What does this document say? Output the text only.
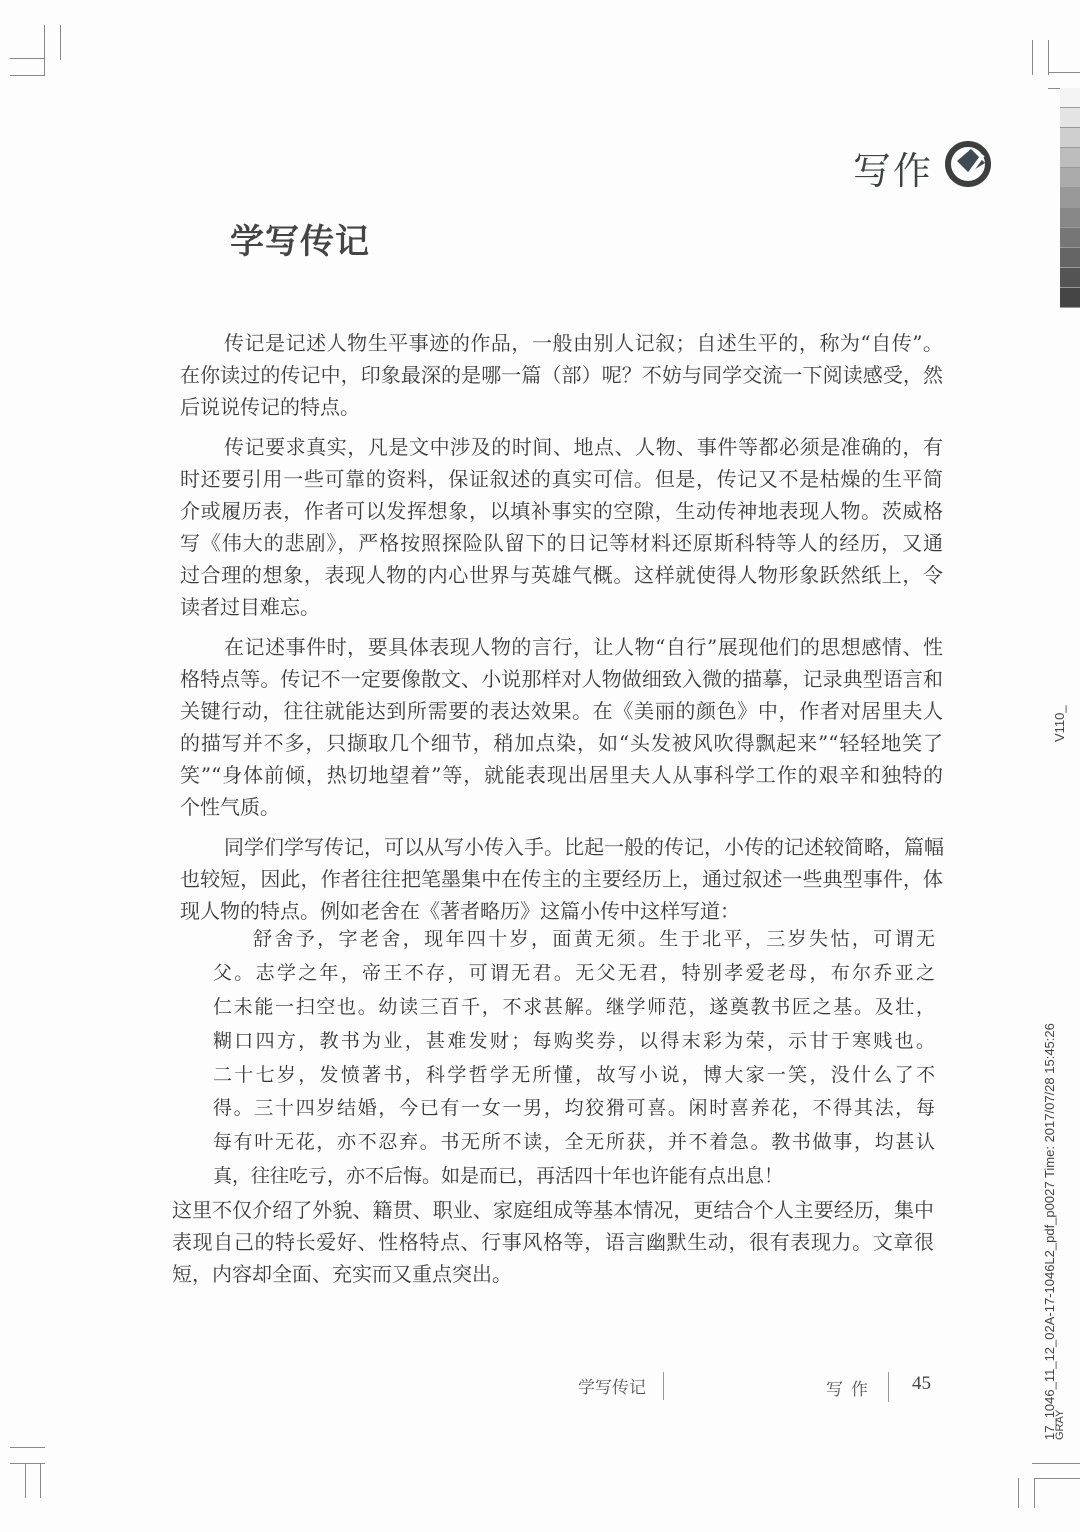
写作
学写传记
传记是记述人物生平事迹的作品，一般由别人记叙；自述生平的，称为“自传”。
在你读过的传记中，印象最深的是哪一篇（部）呢？不妨与同学交流一下阅读感受，然
后说说传记的特点。
传记要求真实，凡是文中涉及的时间、地点、人物、事件等都必须是准确的，有
时还要引用一些可靠的资料，保证叙述的真实可信。但是，传记又不是枯燥的生平简
介或履历表，作者可以发挥想象，以填补事实的空隙，生动传神地表现人物。茨威格
写《伟大的悲剧》，严格按照探险队留下的日记等材料还原斯科特等人的经历，又通
过合理的想象，表现人物的内心世界与英雄气概。这样就使得人物形象跃然纸上，令
读者过目难忘。
在记述事件时，要具体表现人物的言行，让人物“自行”展现他们的思想感情、性
格特点等。传记不一定要像散文、小说那样对人物做细致入微的描摹，记录典型语言和
关键行动，往往就能达到所需要的表达效果。在《美丽的颜色》中，作者对居里夫人
的描写并不多，只撷取几个细节，稍加点染，如“头发被风吹得飘起来”“轻轻地笑了
笑”“身体前倾，热切地望着”等，就能表现出居里夫人从事科学工作的艰辛和独特的
个性气质。
同学们学写传记，可以从写小传入手。比起一般的传记，小传的记述较简略，篇幅
也较短，因此，作者往往把笔墨集中在传主的主要经历上，通过叙述一些典型事件，体
现人物的特点。例如老舍在《著者略历》这篇小传中这样写道：
舒舍予，字老舍，现年四十岁，面黄无须。生于北平，三岁失怙，可谓无
父。志学之年，帝王不存，可谓无君。无父无君，特别孝爱老母，布尔乔亚之
仁未能一扫空也。幼读三百千，不求甚解。继学师范，遂奠教书匠之基。及壮，
糊口四方，教书为业，甚难发财；每购奖券，以得末彩为荣，示甘于寒贱也。
二十七岁，发愤著书，科学哲学无所懂，故写小说，博大家一笑，没什么了不
得。三十四岁结婚，今已有一女一男，均狡猾可喜。闲时喜养花，不得其法，每
每有叶无花，亦不忍弃。书无所不读，全无所获，并不着急。教书做事，均甚认
真，往往吃亏，亦不后悔。如是而已，再活四十年也许能有点出息！
这里不仅介绍了外貌、籍贯、职业、家庭组成等基本情况，更结合个人主要经历，集中
表现自己的特长爱好、性格特点、行事风格等，语言幽默生动，很有表现力。文章很
短，内容却全面、充实而又重点突出。
学写传记	写作 45
V110_
17_1046_11_12_02A-17-1046L2_pdf_p0027 Time: 2017/07/28 15:45:26
GRAY
